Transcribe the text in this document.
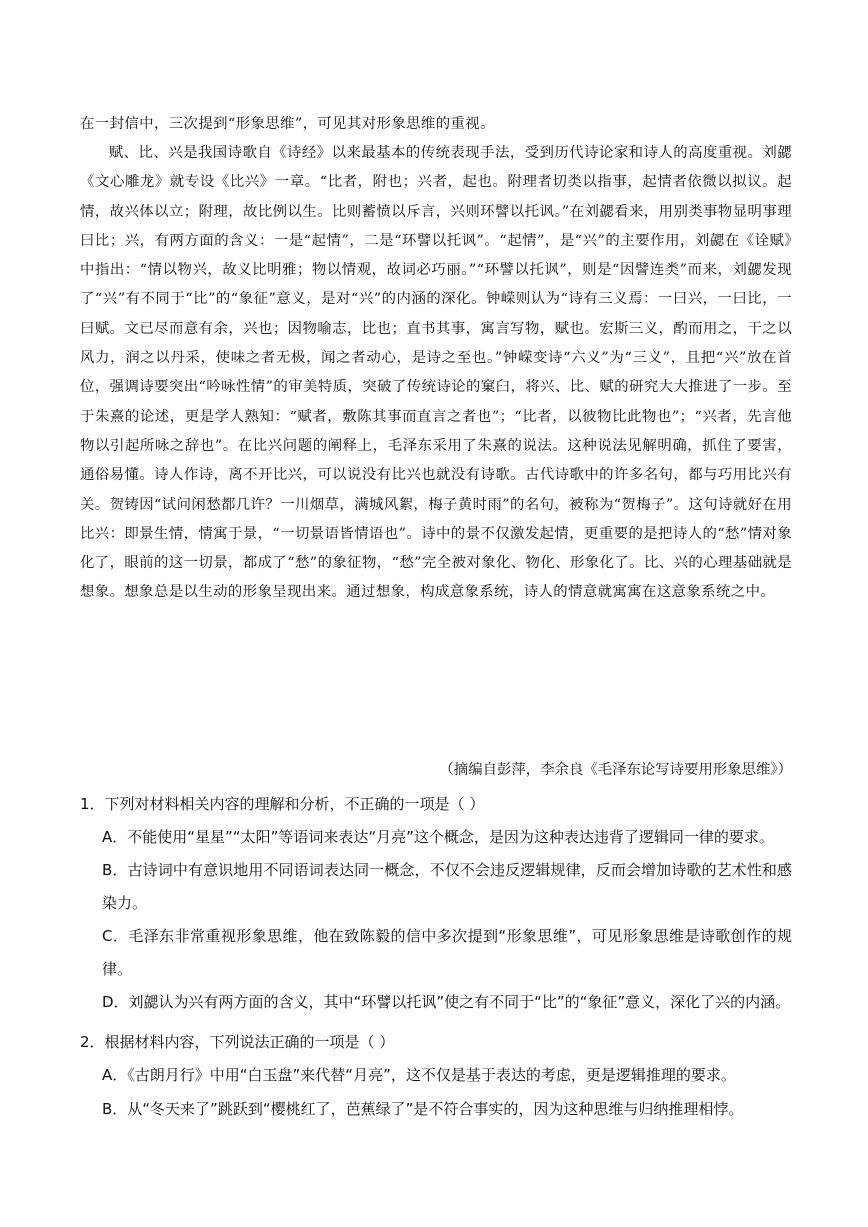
在一封信中，三次提到“形象思维”，可见其对形象思维的重视。

赋、比、兴是我国诗歌自《诗经》以来最基本的传统表现手法，受到历代诗论家和诗人的高度重视。刘勰《文心雕龙》就专设《比兴》一章。“比者，附也；兴者，起也。附理者切类以指事，起情者依微以拟议。起情，故兴体以立；附理，故比例以生。比则蓄愤以斥言，兴则环譬以托讽。”在刘勰看来，用别类事物显明事理曰比；兴，有两方面的含义：一是“起情”，二是“环譬以托讽”。“起情”，是“兴”的主要作用，刘勰在《诠赋》中指出：“情以物兴，故义比明雅；物以情观，故词必巧丽。”“环譬以托讽”，则是“因譬连类”而来，刘勰发现了“兴”有不同于“比”的“象征”意义，是对“兴”的内涵的深化。钟嵘则认为“诗有三义焉：一曰兴，一曰比，一曰赋。文已尽而意有余，兴也；因物喻志，比也；直书其事，寓言写物，赋也。宏斯三义，酌而用之，干之以风力，润之以丹采，使味之者无极，闻之者动心，是诗之至也。”钟嵘变诗“六义”为“三义”，且把“兴”放在首位，强调诗要突出“吟咏性情”的审美特质，突破了传统诗论的窠臼，将兴、比、赋的研究大大推进了一步。至于朱熹的论述，更是学人熟知：“赋者，敷陈其事而直言之者也”；“比者，以彼物比此物也”；“兴者，先言他物以引起所咏之辞也”。在比兴问题的阐释上，毛泽东采用了朱熹的说法。这种说法见解明确，抓住了要害，通俗易懂。诗人作诗，离不开比兴，可以说没有比兴也就没有诗歌。古代诗歌中的许多名句，都与巧用比兴有关。贺铸因“试问闲愁都几许？一川烟草，满城风絮，梅子黄时雨”的名句，被称为“贺梅子”。这句诗就好在用比兴：即景生情，情寓于景，“一切景语皆情语也”。诗中的景不仅激发起情，更重要的是把诗人的“愁”情对象化了，眼前的这一切景，都成了“愁”的象征物，“愁”完全被对象化、物化、形象化了。比、兴的心理基础就是想象。想象总是以生动的形象呈现出来。通过想象，构成意象系统，诗人的情意就寓寓在这意象系统之中。

（摘编自彭萍，李余良《毛泽东论写诗要用形象思维》）

1．下列对材料相关内容的理解和分析，不正确的一项是（ ）

A．不能使用“星星”“太阳”等语词来表达“月亮”这个概念，是因为这种表达违背了逻辑同一律的要求。

B．古诗词中有意识地用不同语词表达同一概念，不仅不会违反逻辑规律，反而会增加诗歌的艺术性和感染力。

C．毛泽东非常重视形象思维，他在致陈毅的信中多次提到“形象思维”，可见形象思维是诗歌创作的规律。

D．刘勰认为兴有两方面的含义，其中“环譬以托讽”使之有不同于“比”的“象征”意义，深化了兴的内涵。

2．根据材料内容，下列说法正确的一项是（ ）

A．《古朗月行》中用“白玉盘”来代替“月亮”，这不仅是基于表达的考虑，更是逻辑推理的要求。

B．从“冬天来了”跳跃到“樱桃红了，芭蕉绿了”是不符合事实的，因为这种思维与归纳推理相悖。
